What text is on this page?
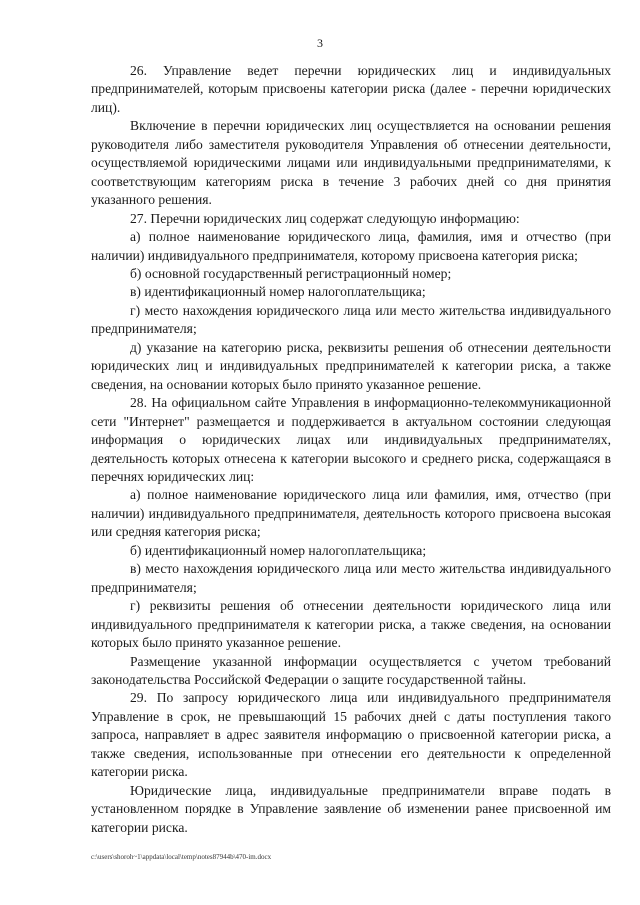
3

26. Управление ведет перечни юридических лиц и индивидуальных предпринимателей, которым присвоены категории риска (далее - перечни юридических лиц).

Включение в перечни юридических лиц осуществляется на основании решения руководителя либо заместителя руководителя Управления об отнесении деятельности, осуществляемой юридическими лицами или индивидуальными предпринимателями, к соответствующим категориям риска в течение 3 рабочих дней со дня принятия указанного решения.

27. Перечни юридических лиц содержат следующую информацию:

а) полное наименование юридического лица, фамилия, имя и отчество (при наличии) индивидуального предпринимателя, которому присвоена категория риска;

б) основной государственный регистрационный номер;

в) идентификационный номер налогоплательщика;

г) место нахождения юридического лица или место жительства индивидуального предпринимателя;

д) указание на категорию риска, реквизиты решения об отнесении деятельности юридических лиц и индивидуальных предпринимателей к категории риска, а также сведения, на основании которых было принято указанное решение.

28. На официальном сайте Управления в информационно-телекоммуникационной сети "Интернет" размещается и поддерживается в актуальном состоянии следующая информация о юридических лицах или индивидуальных предпринимателях, деятельность которых отнесена к категории высокого и среднего риска, содержащаяся в перечнях юридических лиц:

а) полное наименование юридического лица или фамилия, имя, отчество (при наличии) индивидуального предпринимателя, деятельность которого присвоена высокая или средняя категория риска;

б) идентификационный номер налогоплательщика;

в) место нахождения юридического лица или место жительства индивидуального предпринимателя;

г) реквизиты решения об отнесении деятельности юридического лица или индивидуального предпринимателя к категории риска, а также сведения, на основании которых было принято указанное решение.

Размещение указанной информации осуществляется с учетом требований законодательства Российской Федерации о защите государственной тайны.

29. По запросу юридического лица или индивидуального предпринимателя Управление в срок, не превышающий 15 рабочих дней с даты поступления такого запроса, направляет в адрес заявителя информацию о присвоенной категории риска, а также сведения, использованные при отнесении его деятельности к определенной категории риска.

Юридические лица, индивидуальные предприниматели вправе подать в установленном порядке в Управление заявление об изменении ранее присвоенной им категории риска.

c:\users\shoroh~1\appdata\local\temp\notes87944b\470-im.docx
